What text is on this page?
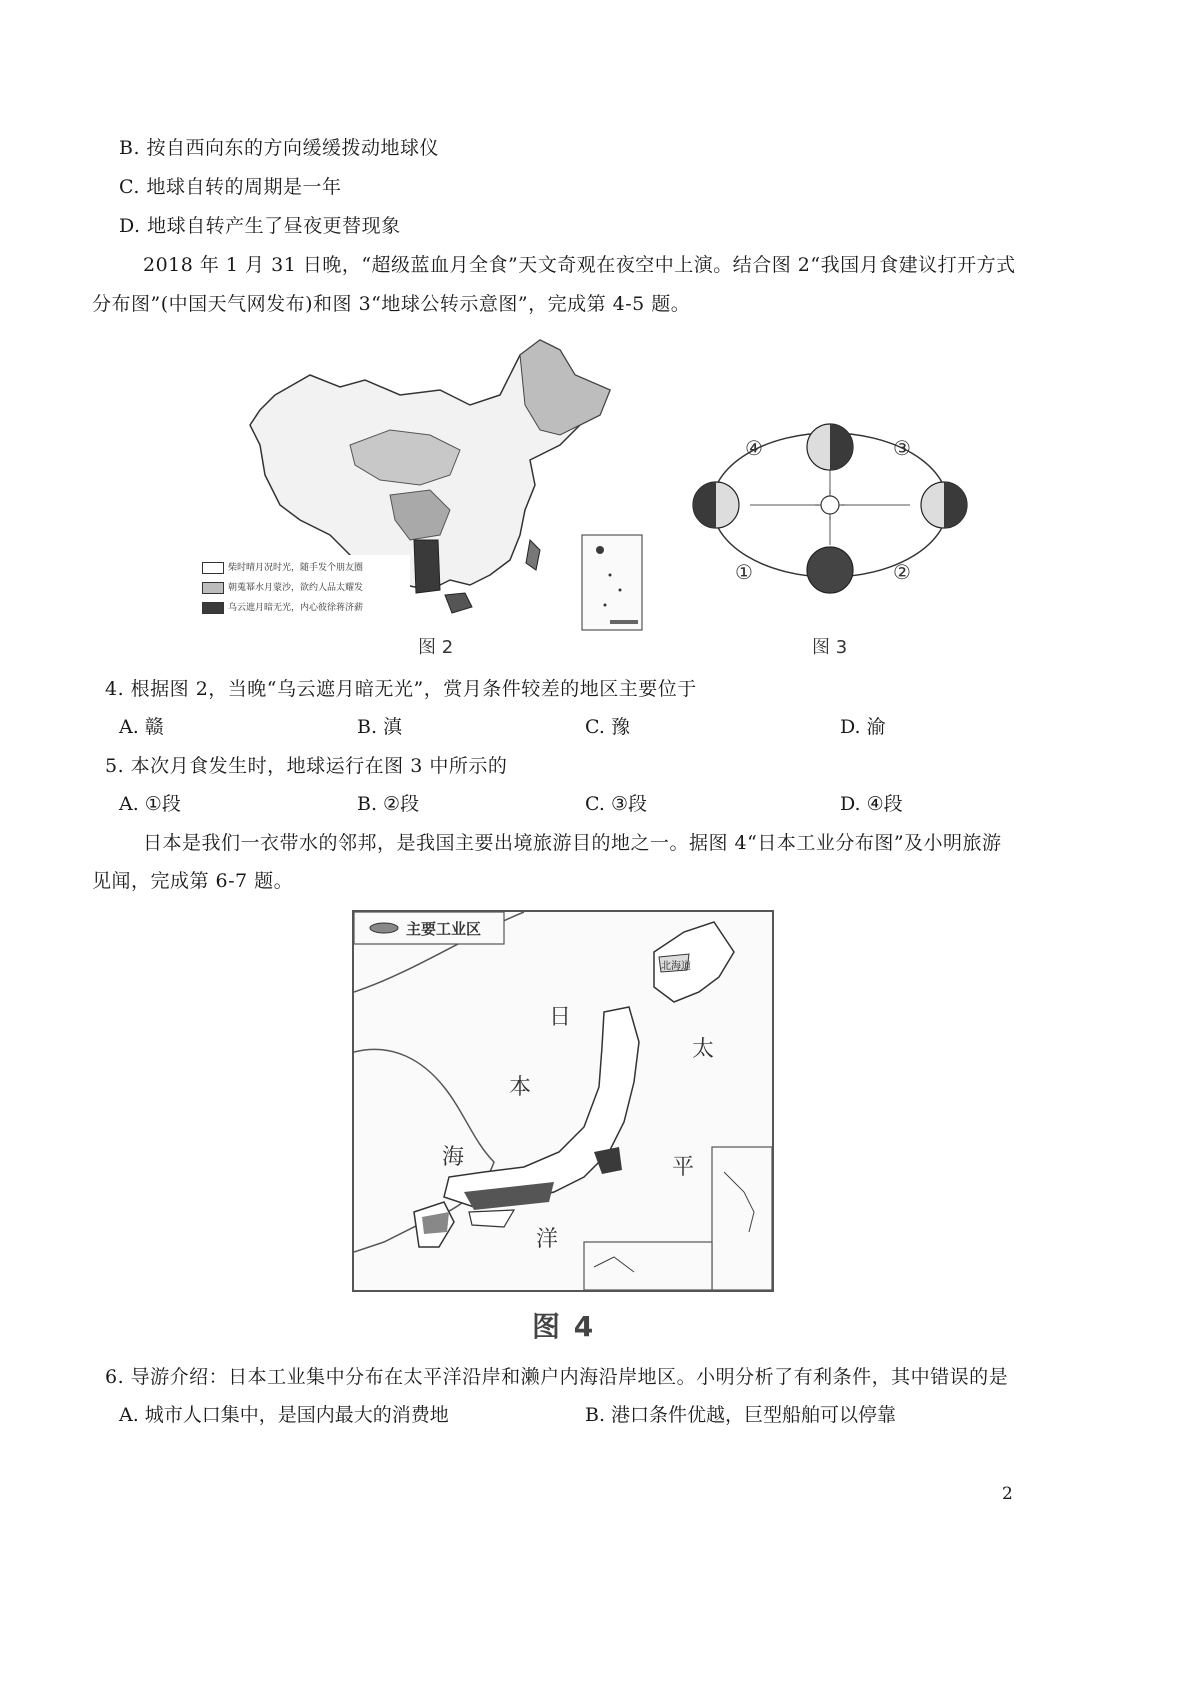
B. 按自西向东的方向缓缓拨动地球仪
C. 地球自转的周期是一年
D. 地球自转产生了昼夜更替现象
2018 年 1 月 31 日晚，“超级蓝血月全食”天文奇观在夜空中上演。结合图 2“我国月食建议打开方式
分布图”(中国天气网发布)和图 3“地球公转示意图”，完成第 4-5 题。
柴时晴月况时光，随手发个朋友圈
朝蒐幂水月蒙沙，欲约人品太耀发
乌云遮月暗无光，内心彼徐蒋济薪
图 2
④	③
①	②
图 3
4. 根据图 2，当晚“乌云遮月暗无光”，赏月条件较差的地区主要位于
A. 赣	B. 滇	C. 豫	D. 渝
5. 本次月食发生时，地球运行在图 3 中所示的
A. ①段	B. ②段	C. ③段	D. ④段
日本是我们一衣带水的邻邦，是我国主要出境旅游目的地之一。据图 4“日本工业分布图”及小明旅游
见闻，完成第 6-7 题。
主要工业区
日
本
海
太
平
洋
北海道
图 4
6. 导游介绍：日本工业集中分布在太平洋沿岸和濑户内海沿岸地区。小明分析了有利条件，其中错误的是
A. 城市人口集中，是国内最大的消费地	B. 港口条件优越，巨型船舶可以停靠
2
